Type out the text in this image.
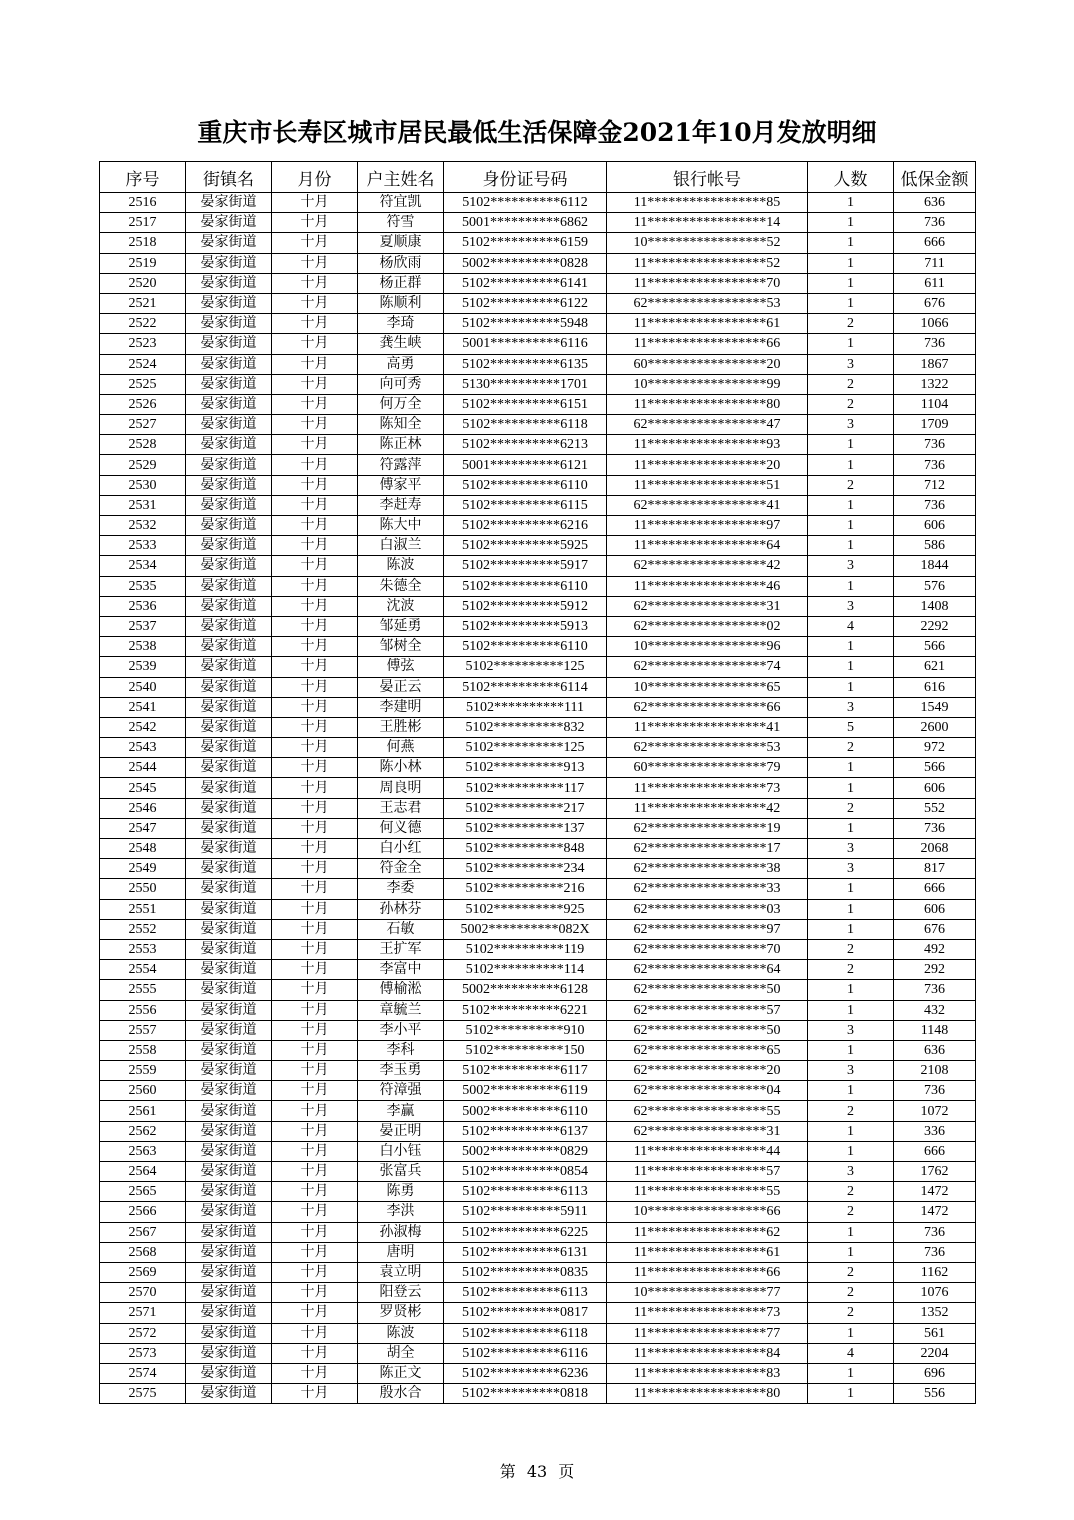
重庆市长寿区城市居民最低生活保障金2021年10月发放明细
序号	街镇名	月份	户主姓名	身份证号码	银行帐号	人数	低保金额
2516	晏家街道	十月	符宜凯	5102**********6112	11*****************85	1	636
2517	晏家街道	十月	符雪	5001**********6862	11*****************14	1	736
2518	晏家街道	十月	夏顺康	5102**********6159	10*****************52	1	666
2519	晏家街道	十月	杨欣雨	5002**********0828	11*****************52	1	711
2520	晏家街道	十月	杨正群	5102**********6141	11*****************70	1	611
2521	晏家街道	十月	陈顺利	5102**********6122	62*****************53	1	676
2522	晏家街道	十月	李琦	5102**********5948	11*****************61	2	1066
2523	晏家街道	十月	龚生峡	5001**********6116	11*****************66	1	736
2524	晏家街道	十月	高勇	5102**********6135	60*****************20	3	1867
2525	晏家街道	十月	向可秀	5130**********1701	10*****************99	2	1322
2526	晏家街道	十月	何万全	5102**********6151	11*****************80	2	1104
2527	晏家街道	十月	陈知全	5102**********6118	62*****************47	3	1709
2528	晏家街道	十月	陈正林	5102**********6213	11*****************93	1	736
2529	晏家街道	十月	符露萍	5001**********6121	11*****************20	1	736
2530	晏家街道	十月	傅家平	5102**********6110	11*****************51	2	712
2531	晏家街道	十月	李赶寿	5102**********6115	62*****************41	1	736
2532	晏家街道	十月	陈大中	5102**********6216	11*****************97	1	606
2533	晏家街道	十月	白淑兰	5102**********5925	11*****************64	1	586
2534	晏家街道	十月	陈波	5102**********5917	62*****************42	3	1844
2535	晏家街道	十月	朱德全	5102**********6110	11*****************46	1	576
2536	晏家街道	十月	沈波	5102**********5912	62*****************31	3	1408
2537	晏家街道	十月	邹延勇	5102**********5913	62*****************02	4	2292
2538	晏家街道	十月	邹树全	5102**********6110	10*****************96	1	566
2539	晏家街道	十月	傅弦	5102**********125	62*****************74	1	621
2540	晏家街道	十月	晏正云	5102**********6114	10*****************65	1	616
2541	晏家街道	十月	李建明	5102**********111	62*****************66	3	1549
2542	晏家街道	十月	王胜彬	5102**********832	11*****************41	5	2600
2543	晏家街道	十月	何燕	5102**********125	62*****************53	2	972
2544	晏家街道	十月	陈小林	5102**********913	60*****************79	1	566
2545	晏家街道	十月	周良明	5102**********117	11*****************73	1	606
2546	晏家街道	十月	王志君	5102**********217	11*****************42	2	552
2547	晏家街道	十月	何义德	5102**********137	62*****************19	1	736
2548	晏家街道	十月	白小红	5102**********848	62*****************17	3	2068
2549	晏家街道	十月	符金全	5102**********234	62*****************38	3	817
2550	晏家街道	十月	李委	5102**********216	62*****************33	1	666
2551	晏家街道	十月	孙林芬	5102**********925	62*****************03	1	606
2552	晏家街道	十月	石敏	5002**********082X	62*****************97	1	676
2553	晏家街道	十月	王扩军	5102**********119	62*****************70	2	492
2554	晏家街道	十月	李富中	5102**********114	62*****************64	2	292
2555	晏家街道	十月	傅榆淞	5002**********6128	62*****************50	1	736
2556	晏家街道	十月	章毓兰	5102**********6221	62*****************57	1	432
2557	晏家街道	十月	李小平	5102**********910	62*****************50	3	1148
2558	晏家街道	十月	李科	5102**********150	62*****************65	1	636
2559	晏家街道	十月	李玉勇	5102**********6117	62*****************20	3	2108
2560	晏家街道	十月	符漳强	5002**********6119	62*****************04	1	736
2561	晏家街道	十月	李赢	5002**********6110	62*****************55	2	1072
2562	晏家街道	十月	晏正明	5102**********6137	62*****************31	1	336
2563	晏家街道	十月	白小钰	5002**********0829	11*****************44	1	666
2564	晏家街道	十月	张富兵	5102**********0854	11*****************57	3	1762
2565	晏家街道	十月	陈勇	5102**********6113	11*****************55	2	1472
2566	晏家街道	十月	李洪	5102**********5911	10*****************66	2	1472
2567	晏家街道	十月	孙淑梅	5102**********6225	11*****************62	1	736
2568	晏家街道	十月	唐明	5102**********6131	11*****************61	1	736
2569	晏家街道	十月	袁立明	5102**********0835	11*****************66	2	1162
2570	晏家街道	十月	阳登云	5102**********6113	10*****************77	2	1076
2571	晏家街道	十月	罗贤彬	5102**********0817	11*****************73	2	1352
2572	晏家街道	十月	陈波	5102**********6118	11*****************77	1	561
2573	晏家街道	十月	胡全	5102**********6116	11*****************84	4	2204
2574	晏家街道	十月	陈正文	5102**********6236	11*****************83	1	696
2575	晏家街道	十月	殷水合	5102**********0818	11*****************80	1	556
第 43 页
